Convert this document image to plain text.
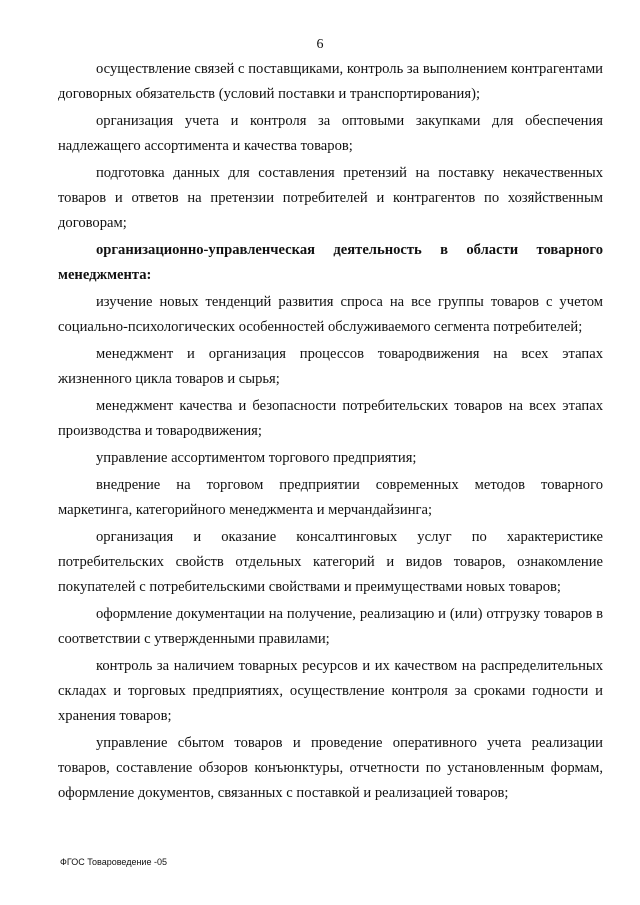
6

осуществление связей с поставщиками, контроль за выполнением контрагентами договорных обязательств (условий поставки и транспортирования);

организация учета и контроля за оптовыми закупками для обеспечения надлежащего ассортимента и качества товаров;

подготовка данных для составления претензий на поставку некачественных товаров и ответов на претензии потребителей и контрагентов по хозяйственным договорам;

организационно-управленческая деятельность в области товарного менеджмента:

изучение новых тенденций развития спроса на все группы товаров с учетом социально-психологических особенностей обслуживаемого сегмента потребителей;

менеджмент и организация процессов товародвижения на всех этапах жизненного цикла товаров и сырья;

менеджмент качества и безопасности потребительских товаров на всех этапах производства и товародвижения;

управление ассортиментом торгового предприятия;

внедрение на торговом предприятии современных методов товарного маркетинга, категорийного менеджмента и мерчандайзинга;

организация и оказание консалтинговых услуг по характеристике потребительских свойств отдельных категорий и видов товаров, ознакомление покупателей с потребительскими свойствами и преимуществами новых товаров;

оформление документации на получение, реализацию и (или) отгрузку товаров в соответствии с утвержденными правилами;

контроль за наличием товарных ресурсов и их качеством на распределительных складах и торговых предприятиях, осуществление контроля за сроками годности и хранения товаров;

управление сбытом товаров и проведение оперативного учета реализации товаров, составление обзоров конъюнктуры, отчетности по установленным формам, оформление документов, связанных с поставкой и реализацией товаров;

ФГОС Товароведение -05
